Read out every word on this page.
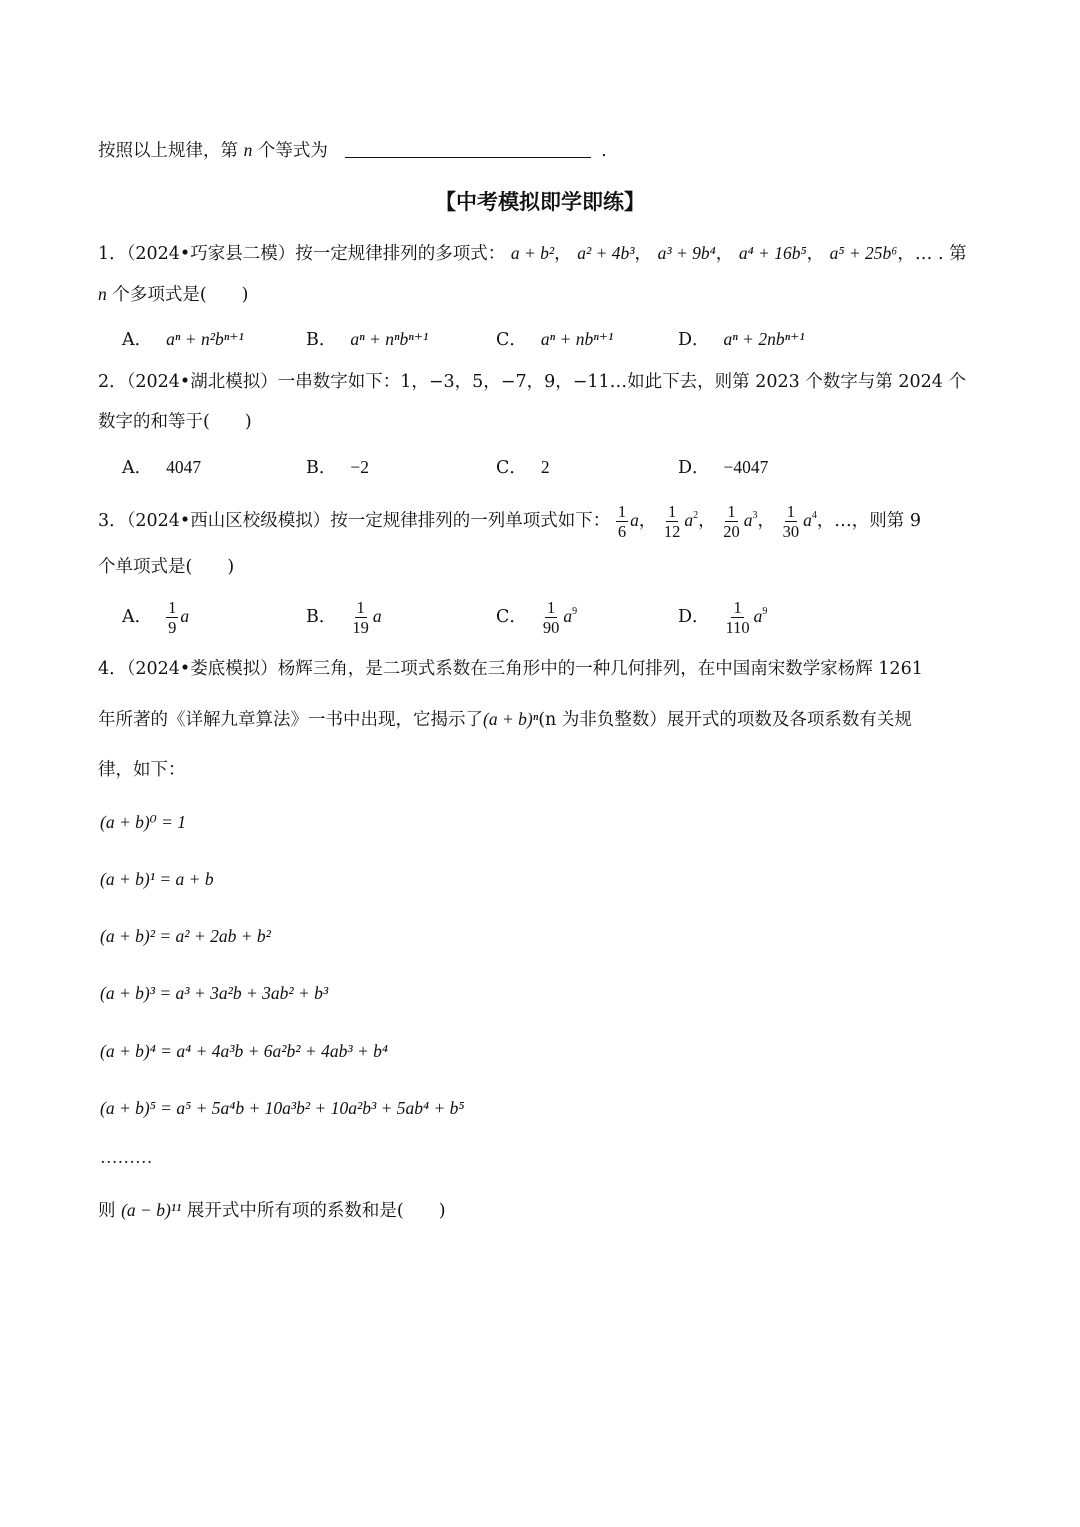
按照以上规律，第 n 个等式为	.
【中考模拟即学即练】
1．（2024•巧家县二模）按一定规律排列的多项式： a + b²， a² + 4b³， a³ + 9b⁴， a⁴ + 16b⁵， a⁵ + 25b⁶，… . 第
n 个多项式是(　　)
A． aⁿ + n²bⁿ⁺¹	B． aⁿ + nⁿbⁿ⁺¹	C． aⁿ + nbⁿ⁺¹	D． aⁿ + 2nbⁿ⁺¹
2．（2024•湖北模拟）一串数字如下：1，−3，5，−7，9，−11…如此下去，则第 2023 个数字与第 2024 个
数字的和等于(　　)
A． 4047	B． −2	C． 2	D． −4047
3．（2024•西山区校级模拟）按一定规律排列的一列单项式如下： $\frac{1}{6}$ a， $\frac{1}{12} a^2$， $\frac{1}{20} a^3$， $\frac{1}{30} a^4$，…，则第 9
个单项式是(　　)
A． $\frac{1}{9}$ a	B． $\frac{1}{19}$ a	C． $\frac{1}{90} a^9$	D． $\frac{1}{110} a^9$
4．（2024•娄底模拟）杨辉三角，是二项式系数在三角形中的一种几何排列，在中国南宋数学家杨辉 1261
年所著的《详解九章算法》一书中出现，它揭示了(a + b)ⁿ(n 为非负整数）展开式的项数及各项系数有关规
律，如下：
(a + b)⁰ = 1
(a + b)¹ = a + b
(a + b)² = a² + 2ab + b²
(a + b)³ = a³ + 3a²b + 3ab² + b³
(a + b)⁴ = a⁴ + 4a³b + 6a²b² + 4ab³ + b⁴
(a + b)⁵ = a⁵ + 5a⁴b + 10a³b² + 10a²b³ + 5ab⁴ + b⁵
………
则 (a − b)¹¹ 展开式中所有项的系数和是(　　)
